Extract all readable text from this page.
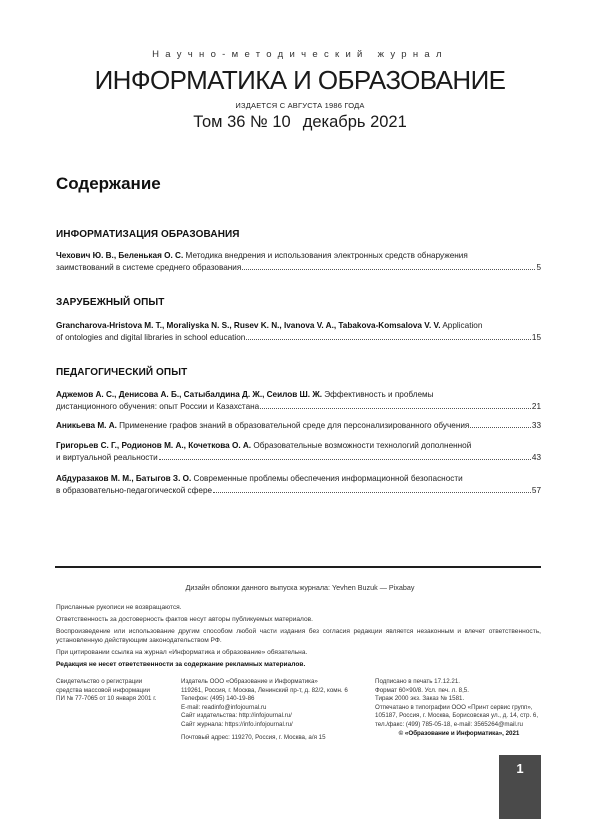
Научно-методический журнал
ИНФОРМАТИКА И ОБРАЗОВАНИЕ
ИЗДАЕТСЯ С АВГУСТА 1986 ГОДА
Том 36 № 10 декабрь 2021
Содержание
ИНФОРМАТИЗАЦИЯ ОБРАЗОВАНИЯ
Чехович Ю. В., Беленькая О. С. Методика внедрения и использования электронных средств обнаружения
заимствований в системе среднего образования	5
ЗАРУБЕЖНЫЙ ОПЫТ
Grancharova-Hristova M. T., Moraliyska N. S., Rusev K. N., Ivanova V. A., Tabakova-Komsalova V. V. Application
of ontologies and digital libraries in school education	15
ПЕДАГОГИЧЕСКИЙ ОПЫТ
Аджемов А. С., Денисова А. Б., Сатыбалдина Д. Ж., Сеилов Ш. Ж. Эффективность и проблемы
дистанционного обучения: опыт России и Казахстана	21
Аникьева М. А.
Применение графов знаний в образовательной среде для персонализированного обучения	33
Григорьев С. Г., Родионов М. А., Кочеткова О. А. Образовательные возможности технологий дополненной
и виртуальной реальности	43
Абдуразаков М. М., Батыгов З. О. Современные проблемы обеспечения информационной безопасности
в образовательно-педагогической сфере	57
Дизайн обложки данного выпуска журнала: Yevhen Buzuk — Pixabay

Присланные рукописи не возвращаются.

Ответственность за достоверность фактов несут авторы публикуемых материалов.

Воспроизведение или использование другим способом любой части издания без согласия редакции является незаконным и влечет ответственность, установленную действующим законодательством РФ.

При цитировании ссылка на журнал «Информатика и образование» обязательна.

Редакция не несет ответственности за содержание рекламных материалов.

Свидетельство о регистрации

средства массовой информации

ПИ № 77-7065 от 10 января 2001 г.

Издатель ООО «Образование и Информатика»

119261, Россия, г. Москва, Ленинский пр-т, д. 82/2, комн. 6

Телефон: (495) 140-19-86

E-mail: readinfo@infojournal.ru

Сайт издательства: http://infojournal.ru/

Сайт журнала: https://info.infojournal.ru/

Почтовый адрес: 119270, Россия, г. Москва, а/я 15

Подписано в печать 17.12.21.

Формат 60×90/8. Усл. печ. л. 8,5.

Тираж 2000 экз. Заказ № 1581.

Отпечатано в типографии ООО «Принт сервис групп»,

105187, Россия, г. Москва, Борисовская ул., д. 14, стр. 6,

тел./факс: (499) 785-05-18, e-mail: 3565264@mail.ru

© «Образование и Информатика», 2021

1
